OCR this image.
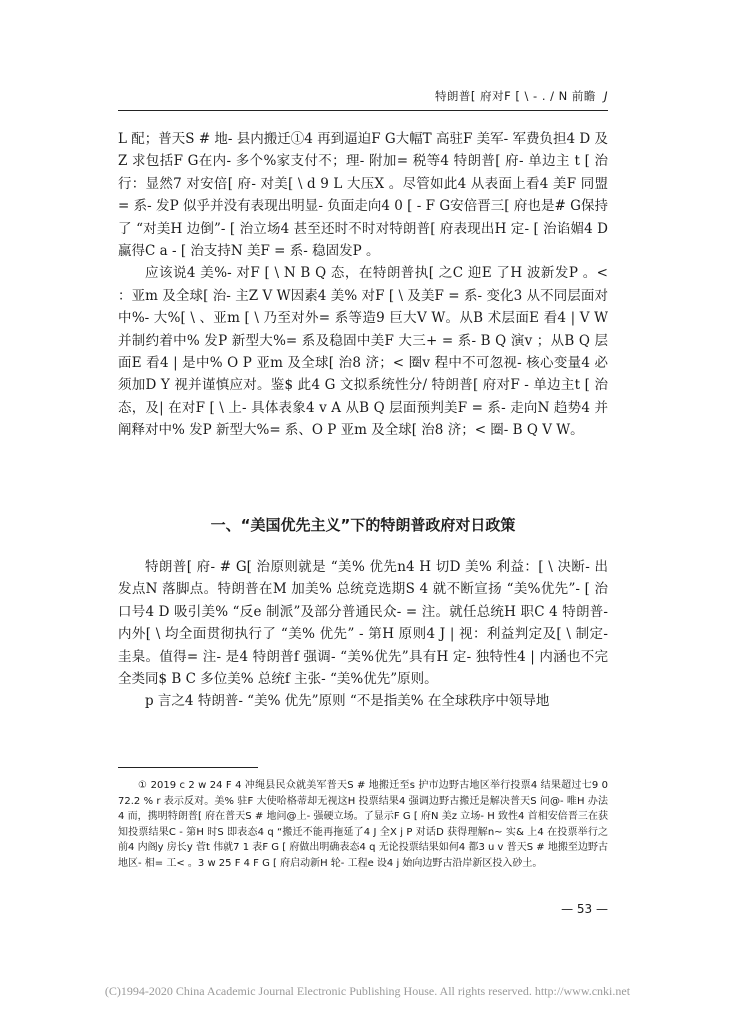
特朗普[ 府对F [ \ - . / N 前瞻 J

L 配；普天S # 地- 县内搬迁①4 再到逼迫F G大幅T 高驻F 美军- 军费负担4 D 及Z 求包括F G在内- 多个%家支付不；理- 附加= 税等4 特朗普[ 府- 单边主 t [ 治行：显然7 对安倍[ 府- 对美[ \ d 9 L 大压X 。尽管如此4 从表面上看4 美F 同盟= 系- 发P 似乎并没有表现出明显- 负面走向4 0 [ - F G安倍晋三[ 府也是# G保持了 “对美H 边倒”- [ 治立场4 甚至还时不时对特朗普[ 府表现出H 定- [ 治谄媚4 D 赢得C a - [ 治支持N 美F = 系- 稳固发P 。

应该说4 美%- 对F [ \ N B Q 态，在特朗普执[ 之C 迎E 了H 波新发P 。< ：亚m 及全球[ 治- 主Z V W因素4 美% 对F [ \ 及美F = 系- 变化3 从不同层面对中%- 大%[ \ 、亚m [ \ 乃至对外= 系等造9 巨大V W。从B 术层面E 看4 | V W并制约着中% 发P 新型大%= 系及稳固中美F 大三+ = 系- B Q 演v ；从B Q 层面E 看4 | 是中% O P 亚m 及全球[ 治8 济；< 圈v 程中不可忽视- 核心变量4 必须加D Y 视并谨慎应对。鉴$ 此4 G 文拟系统性分/ 特朗普[ 府对F - 单边主t [ 治态，及| 在对F [ \ 上- 具体表象4 v A 从B Q 层面预判美F = 系- 走向N 趋势4 并阐释对中% 发P 新型大%= 系、O P 亚m 及全球[ 治8 济；< 圈- B Q V W。

一、“美国优先主义”下的特朗普政府对日政策

特朗普[ 府- # G[ 治原则就是 “美% 优先n4 H 切D 美% 利益：[ \ 决断- 出发点N 落脚点。特朗普在M 加美% 总统竞选期S 4 就不断宣扬 “美%优先”- [ 治口号4 D 吸引美% “反e 制派”及部分普通民众- = 注。就任总统H 职C 4 特朗普- 内外[ \ 均全面贯彻执行了 “美% 优先” - 第H 原则4 J | 视：利益判定及[ \ 制定- 圭臬。值得= 注- 是4 特朗普f 强调- “美%优先”具有H 定- 独特性4 | 内涵也不完全类同$ B C 多位美% 总统f 主张- “美%优先”原则。

p 言之4 特朗普- “美% 优先”原则 “不是指美% 在全球秩序中领导地

① 2019 c 2 w 24 F 4 冲绳县民众就美军普天S # 地搬迁至s 护市边野古地区举行投票4 结果超过七9 0 72.2 % r 表示反对。美% 驻F 大使哈格蒂却无视这H 投票结果4 强调边野古搬迁是解决普天S 问@- 唯H 办法4 而，携明特朗普[ 府在普天S # 地问@上- 强硬立场。了显示F G [ 府N 美z 立场- H 致性4 首相安倍晋三在获知投票结果C - 第H 时S 即表态4 q “搬迁不能再拖延了4 J 全X j P 对话D 获得理解n~ 实& 上4 在投票举行之前4 内阁y 房长y 菅t 伟就7 1 表F G [ 府做出明确表态4 q 无论投票结果如何4 都3 u v 普天S # 地搬至边野古地区- 相= 工< 。3 w 25 F 4 F G [ 府启动新H 轮- 工程e 设4 j 始向边野古沿岸新区投入砂土。

— 53 —
(C)1994-2020 China Academic Journal Electronic Publishing House. All rights reserved. http://www.cnki.net
